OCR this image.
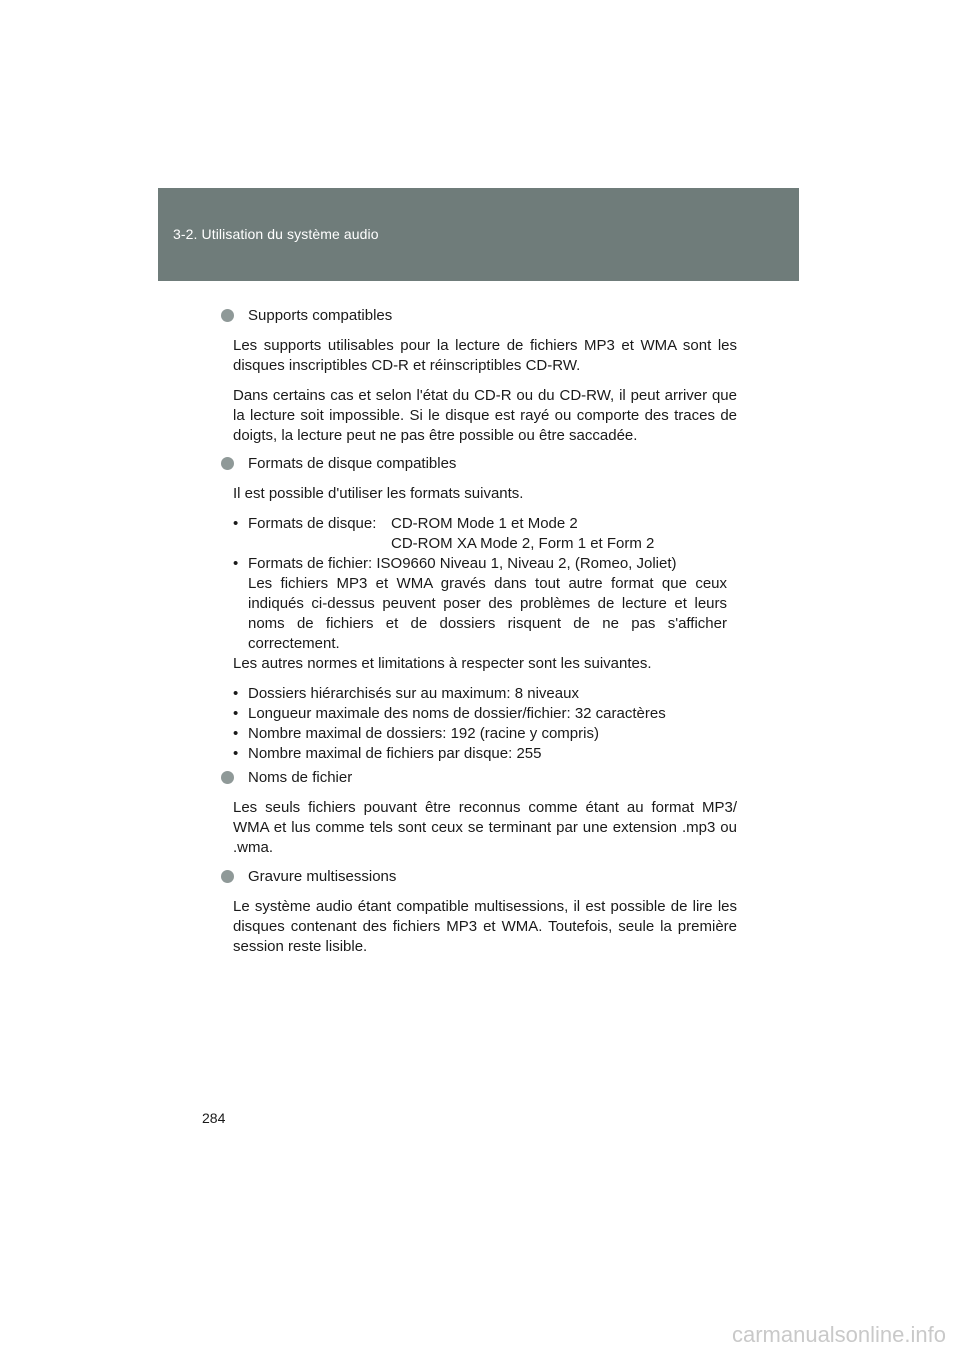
3-2. Utilisation du système audio
Supports compatibles
Les supports utilisables pour la lecture de fichiers MP3 et WMA sont les disques inscriptibles CD-R et réinscriptibles CD-RW.
Dans certains cas et selon l'état du CD-R ou du CD-RW, il peut arriver que la lecture soit impossible. Si le disque est rayé ou comporte des traces de doigts, la lecture peut ne pas être possible ou être saccadée.
Formats de disque compatibles
Il est possible d'utiliser les formats suivants.
• Formats de disque: CD-ROM Mode 1 et Mode 2
CD-ROM XA Mode 2, Form 1 et Form 2
• Formats de fichier: ISO9660 Niveau 1, Niveau 2, (Romeo, Joliet)
Les fichiers MP3 et WMA gravés dans tout autre format que ceux indiqués ci-dessus peuvent poser des problèmes de lecture et leurs noms de fichiers et de dossiers risquent de ne pas s'afficher correctement.
Les autres normes et limitations à respecter sont les suivantes.
• Dossiers hiérarchisés sur au maximum: 8 niveaux
• Longueur maximale des noms de dossier/fichier: 32 caractères
• Nombre maximal de dossiers: 192 (racine y compris)
• Nombre maximal de fichiers par disque: 255
Noms de fichier
Les seuls fichiers pouvant être reconnus comme étant au format MP3/ WMA et lus comme tels sont ceux se terminant par une extension .mp3 ou .wma.
Gravure multisessions
Le système audio étant compatible multisessions, il est possible de lire les disques contenant des fichiers MP3 et WMA. Toutefois, seule la première session reste lisible.
284
carmanualsonline.info
